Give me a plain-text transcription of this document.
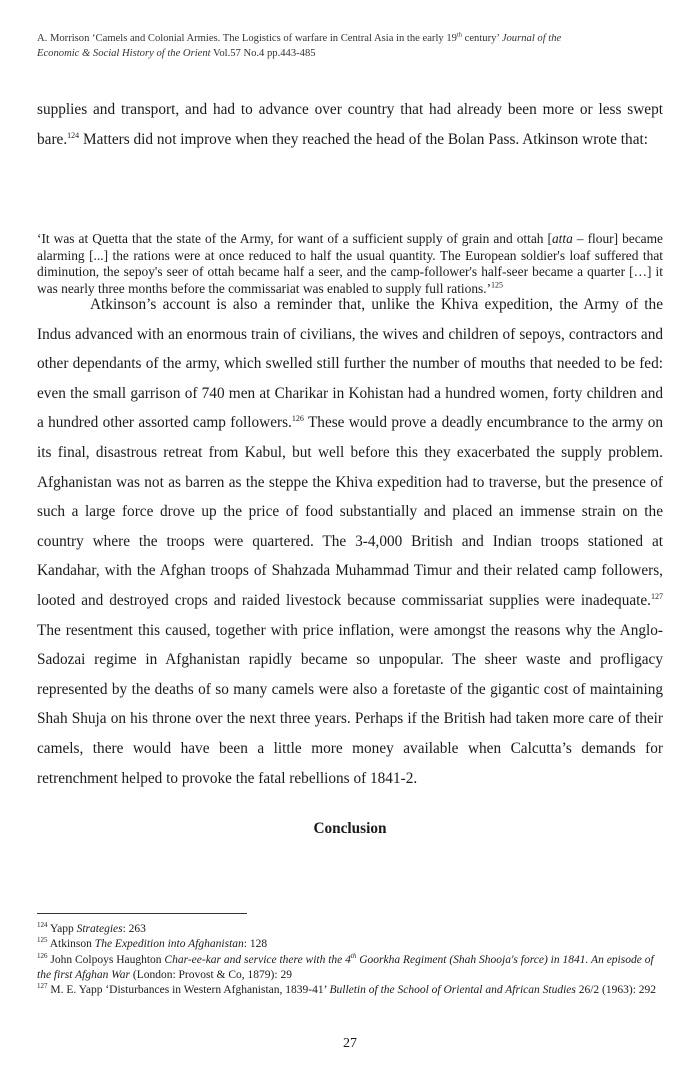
A. Morrison ‘Camels and Colonial Armies. The Logistics of warfare in Central Asia in the early 19th century’ Journal of the
Economic & Social History of the Orient Vol.57 No.4 pp.443-485

supplies and transport, and had to advance over country that had already been more or less swept bare.$^{124}$ Matters did not improve when they reached the head of the Bolan Pass. Atkinson wrote that:

‘It was at Quetta that the state of the Army, for want of a sufficient supply of grain and ottah [atta – flour] became alarming [...] the rations were at once reduced to half the usual quantity. The European soldier's loaf suffered that diminution, the sepoy's seer of ottah became half a seer, and the camp-follower's half-seer became a quarter […] it was nearly three months before the commissariat was enabled to supply full rations.’$^{125}$
Atkinson’s account is also a reminder that, unlike the Khiva expedition, the Army of the Indus advanced with an enormous train of civilians, the wives and children of sepoys, contractors and other dependants of the army, which swelled still further the number of mouths that needed to be fed: even the small garrison of 740 men at Charikar in Kohistan had a hundred women, forty children and a hundred other assorted camp followers.$^{126}$ These would prove a deadly encumbrance to the army on its final, disastrous retreat from Kabul, but well before this they exacerbated the supply problem. Afghanistan was not as barren as the steppe the Khiva expedition had to traverse, but the presence of such a large force drove up the price of food substantially and placed an immense strain on the country where the troops were quartered. The 3-4,000 British and Indian troops stationed at Kandahar, with the Afghan troops of Shahzada Muhammad Timur and their related camp followers, looted and destroyed crops and raided livestock because commissariat supplies were inadequate.$^{127}$ The resentment this caused, together with price inflation, were amongst the reasons why the Anglo-Sadozai regime in Afghanistan rapidly became so unpopular. The sheer waste and profligacy represented by the deaths of so many camels were also a foretaste of the gigantic cost of maintaining Shah Shuja on his throne over the next three years. Perhaps if the British had taken more care of their camels, there would have been a little more money available when Calcutta’s demands for retrenchment helped to provoke the fatal rebellions of 1841-2.
Conclusion
$^{124}$ Yapp Strategies: 263
$^{125}$ Atkinson The Expedition into Afghanistan: 128
$^{126}$ John Colpoys Haughton Char-ee-kar and service there with the 4th Goorkha Regiment (Shah Shooja's force) in 1841. An episode of the first Afghan War (London: Provost & Co, 1879): 29
$^{127}$ M. E. Yapp ‘Disturbances in Western Afghanistan, 1839-41’ Bulletin of the School of Oriental and African Studies 26/2 (1963): 292
27
